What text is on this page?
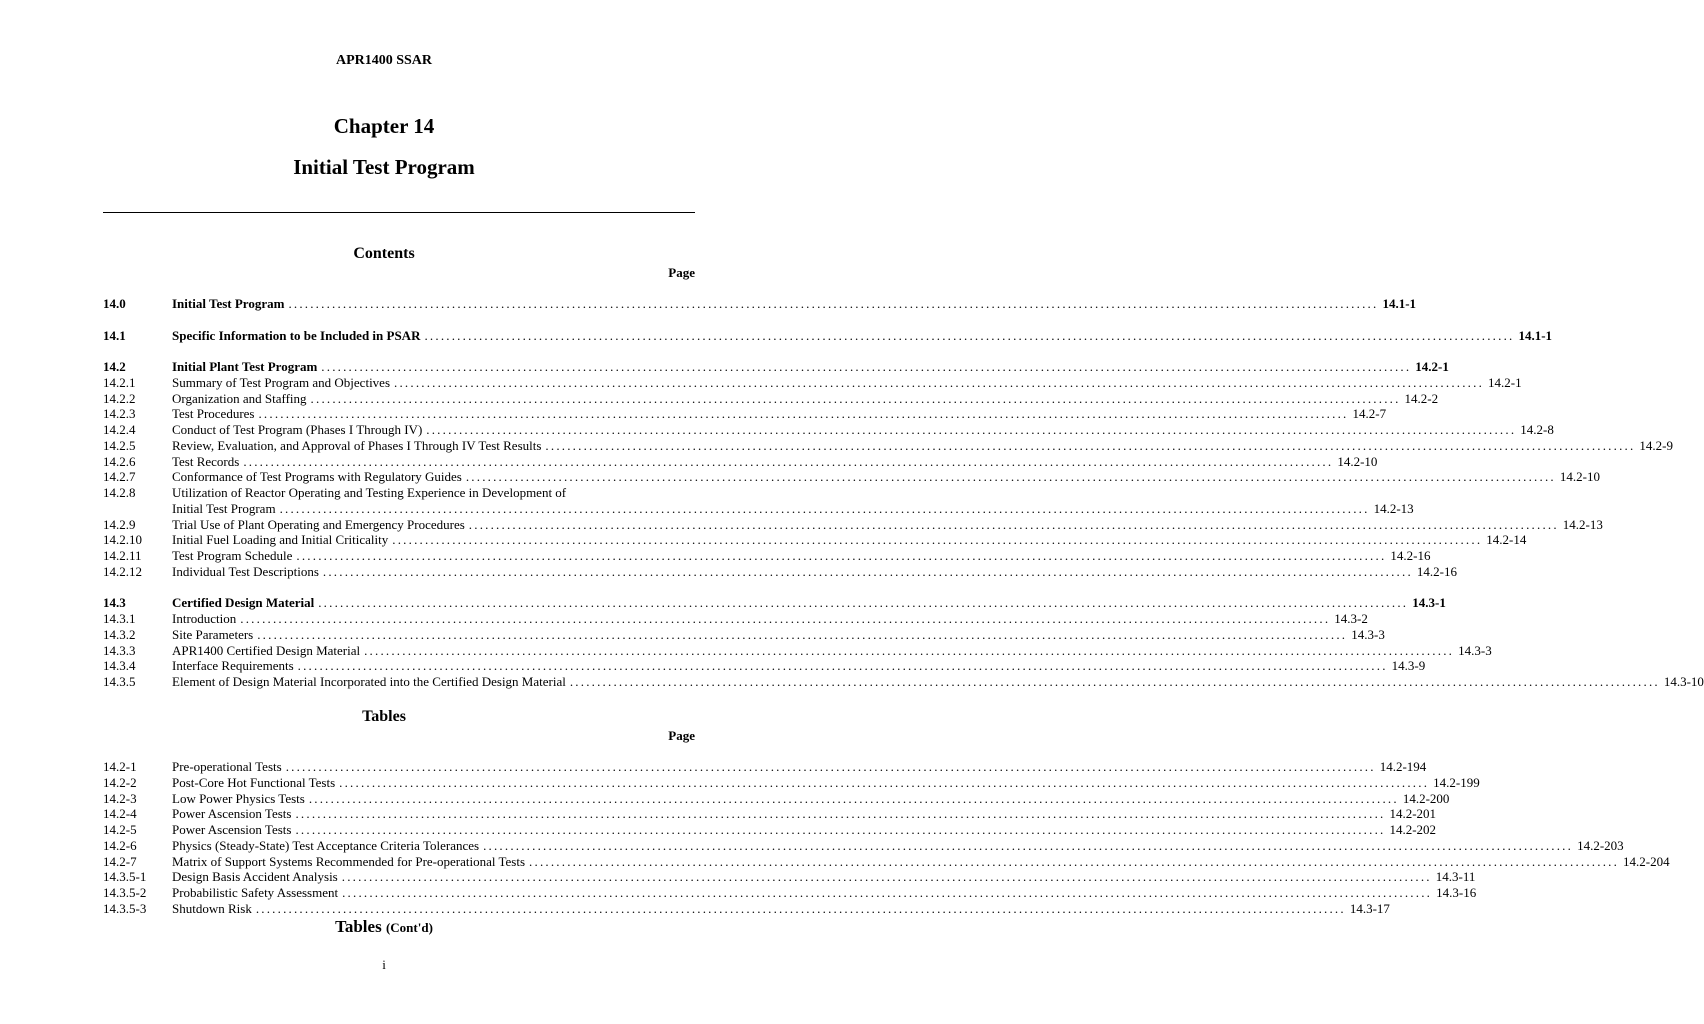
APR1400 SSAR
Chapter 14
Initial Test Program
Contents
Page
14.0	Initial Test Program ........................................................................................................................................................................................................ 14.1-1
14.1	Specific Information to be Included in PSAR ........................................................................................................................................................................................................ 14.1-1
14.2	Initial Plant Test Program ........................................................................................................................................................................................................ 14.2-1
14.2.1	Summary of Test Program and Objectives ........................................................................................................................................................................................................ 14.2-1
14.2.2	Organization and Staffing ........................................................................................................................................................................................................ 14.2-2
14.2.3	Test Procedures ........................................................................................................................................................................................................ 14.2-7
14.2.4	Conduct of Test Program (Phases I Through IV) ........................................................................................................................................................................................................ 14.2-8
14.2.5	Review, Evaluation, and Approval of Phases I Through IV Test Results ........................................................................................................................................................................................................ 14.2-9
14.2.6	Test Records ........................................................................................................................................................................................................ 14.2-10
14.2.7	Conformance of Test Programs with Regulatory Guides ........................................................................................................................................................................................................ 14.2-10
14.2.8	Utilization of Reactor Operating and Testing Experience in Development of
Initial Test Program ........................................................................................................................................................................................................ 14.2-13
14.2.9	Trial Use of Plant Operating and Emergency Procedures ........................................................................................................................................................................................................ 14.2-13
14.2.10 Initial Fuel Loading and Initial Criticality ........................................................................................................................................................................................................ 14.2-14
14.2.11 Test Program Schedule ........................................................................................................................................................................................................ 14.2-16
14.2.12 Individual Test Descriptions ........................................................................................................................................................................................................ 14.2-16
14.3	Certified Design Material ........................................................................................................................................................................................................ 14.3-1
14.3.1	Introduction ........................................................................................................................................................................................................ 14.3-2
14.3.2	Site Parameters ........................................................................................................................................................................................................ 14.3-3
14.3.3	APR1400 Certified Design Material ........................................................................................................................................................................................................ 14.3-3
14.3.4	Interface Requirements ........................................................................................................................................................................................................ 14.3-9
14.3.5	Element of Design Material Incorporated into the Certified Design Material ........................................................................................................................................................................................................ 14.3-10
Tables
Page
14.2-1	Pre-operational Tests ........................................................................................................................................................................................................ 14.2-194
14.2-2	Post-Core Hot Functional Tests ........................................................................................................................................................................................................ 14.2-199
14.2-3	Low Power Physics Tests ........................................................................................................................................................................................................ 14.2-200
14.2-4	Power Ascension Tests ........................................................................................................................................................................................................ 14.2-201
14.2-5	Power Ascension Tests ........................................................................................................................................................................................................ 14.2-202
14.2-6	Physics (Steady-State) Test Acceptance Criteria Tolerances ........................................................................................................................................................................................................ 14.2-203
14.2-7	Matrix of Support Systems Recommended for Pre-operational Tests ........................................................................................................................................................................................................ 14.2-204
14.3.5-1 Design Basis Accident Analysis ........................................................................................................................................................................................................ 14.3-11
14.3.5-2 Probabilistic Safety Assessment ........................................................................................................................................................................................................ 14.3-16
14.3.5-3 Shutdown Risk ........................................................................................................................................................................................................ 14.3-17
Tables (Cont'd)
i
